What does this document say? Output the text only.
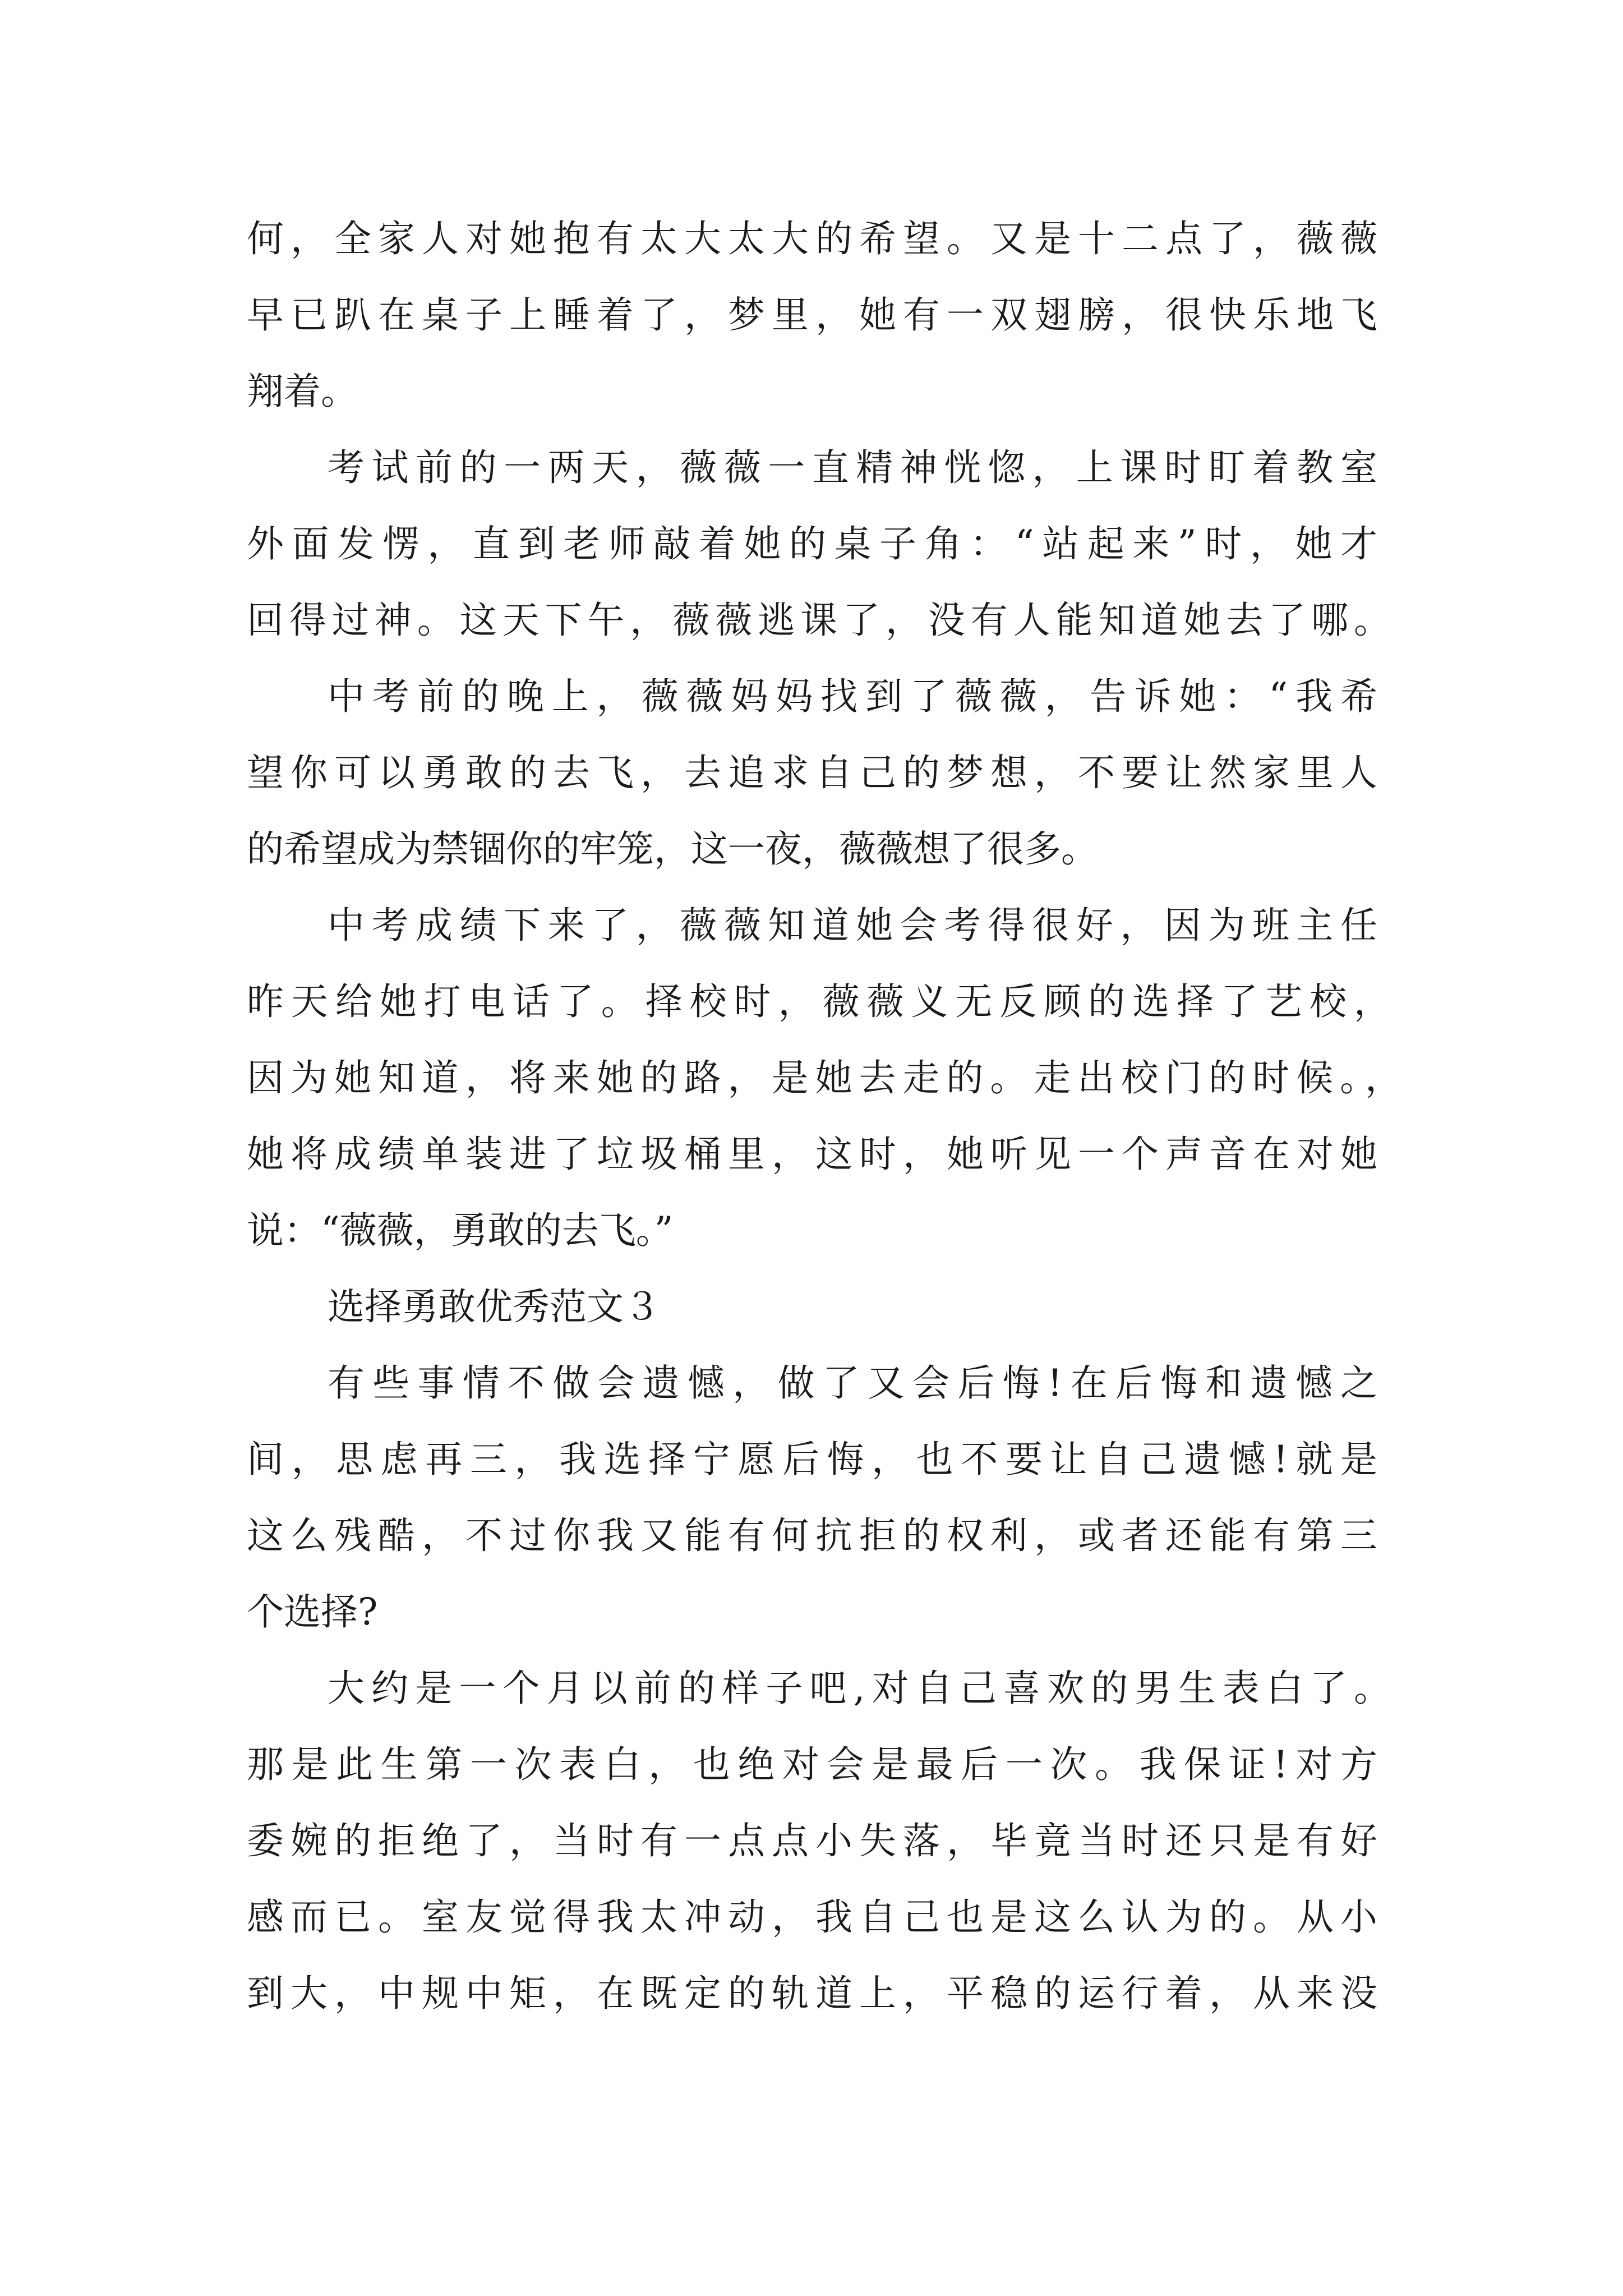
何，全家人对她抱有太大太大的希望。又是十二点了，薇薇
早已趴在桌子上睡着了，梦里，她有一双翅膀，很快乐地飞
翔着。
考试前的一两天，薇薇一直精神恍惚，上课时盯着教室
外面发愣，直到老师敲着她的桌子角：“站起来”时，她才
回得过神。这天下午，薇薇逃课了，没有人能知道她去了哪。
中考前的晚上，薇薇妈妈找到了薇薇，告诉她：“我希
望你可以勇敢的去飞，去追求自己的梦想，不要让然家里人
的希望成为禁锢你的牢笼，这一夜，薇薇想了很多。
中考成绩下来了，薇薇知道她会考得很好，因为班主任
昨天给她打电话了。择校时，薇薇义无反顾的选择了艺校，
因为她知道，将来她的路，是她去走的。走出校门的时候。，
她将成绩单装进了垃圾桶里，这时，她听见一个声音在对她
说：“薇薇，勇敢的去飞。”
选择勇敢优秀范文３
有些事情不做会遗憾，做了又会后悔!在后悔和遗憾之
间，思虑再三，我选择宁愿后悔，也不要让自己遗憾!就是
这么残酷，不过你我又能有何抗拒的权利，或者还能有第三
个选择?
大约是一个月以前的样子吧,对自己喜欢的男生表白了。
那是此生第一次表白，也绝对会是最后一次。我保证!对方
委婉的拒绝了，当时有一点点小失落，毕竟当时还只是有好
感而已。室友觉得我太冲动，我自己也是这么认为的。从小
到大，中规中矩，在既定的轨道上，平稳的运行着，从来没
